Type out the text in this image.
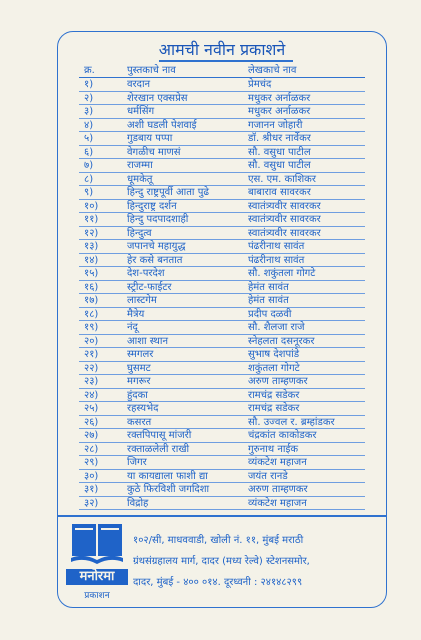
आमची नवीन प्रकाशने
क्र.	पुस्तकाचे नाव	लेखकाचे नाव
१)	वरदान	प्रेमचंद
२)	शेरखान एक्सप्रेस	मधुकर अर्नाळकर
३)	धर्मसिंग	मधुकर अर्नाळकर
४)	अशी घडली पेशवाई	गजानन जोहारी
५)	गुडबाय पप्पा	डॉ. श्रीधर नार्वेकर
६)	वेगळीच माणसं	सौ. वसुधा पाटील
७)	राजम्मा	सौ. वसुधा पाटील
८)	धूमकेतू	एस. एम. काशिकर
९)	हिन्दु राष्ट्रपूर्वी आता पुढे	बाबाराव सावरकर
१०)	हिन्दुराष्ट्र दर्शन	स्वातंत्र्यवीर सावरकर
११)	हिन्दु पदपादशाही	स्वातंत्र्यवीर सावरकर
१२)	हिन्दुत्व	स्वातंत्र्यवीर सावरकर
१३)	जपानचे महायुद्ध	पंढरीनाथ सावंत
१४)	हेर कसे बनतात	पंढरीनाथ सावंत
१५)	देश-परदेश	सौ. शकुंतला गोगटे
१६)	स्ट्रीट-फाईटर	हेमंत सावंत
१७)	लास्टगेम	हेमंत सावंत
१८)	मैत्रेय	प्रदीप दळवी
१९)	नंदू	सौ. शैलजा राजे
२०)	आशा स्थान	स्नेहलता दसनूरकर
२१)	स्मगलर	सुभाष देशपांडे
२२)	घुसमट	शकुंतला गोगटे
२३)	मगरूर	अरुण ताम्हणकर
२४)	हुंदका	रामचंद्र सडेकर
२५)	रहस्यभेद	रामचंद्र सडेकर
२६)	कसरत	सौ. उज्वल र. ब्रम्हांडकर
२७)	रक्तपिपासू मांजरी	चंद्रकांत काकोडकर
२८)	रक्ताळलेली राखी	गुरुनाथ नाईक
२९)	जिगर	व्यंकटेश महाजन
३०)	या कायद्याला फाशी द्या	जयंत रानडे
३१)	कुठे फिरविशी जगदिशा	अरुण ताम्हणकर
३२)	विद्रोह	व्यंकटेश महाजन
मनोरमा
प्रकाशन
१०२/सी, माधववाडी, खोली नं. ११, मुंबई मराठी
ग्रंथसंग्रहालय मार्ग, दादर (मध्य रेल्वे) स्टेशनसमोर,
दादर, मुंबई - ४०० ०१४. दूरध्वनी : २४१४८२९९
